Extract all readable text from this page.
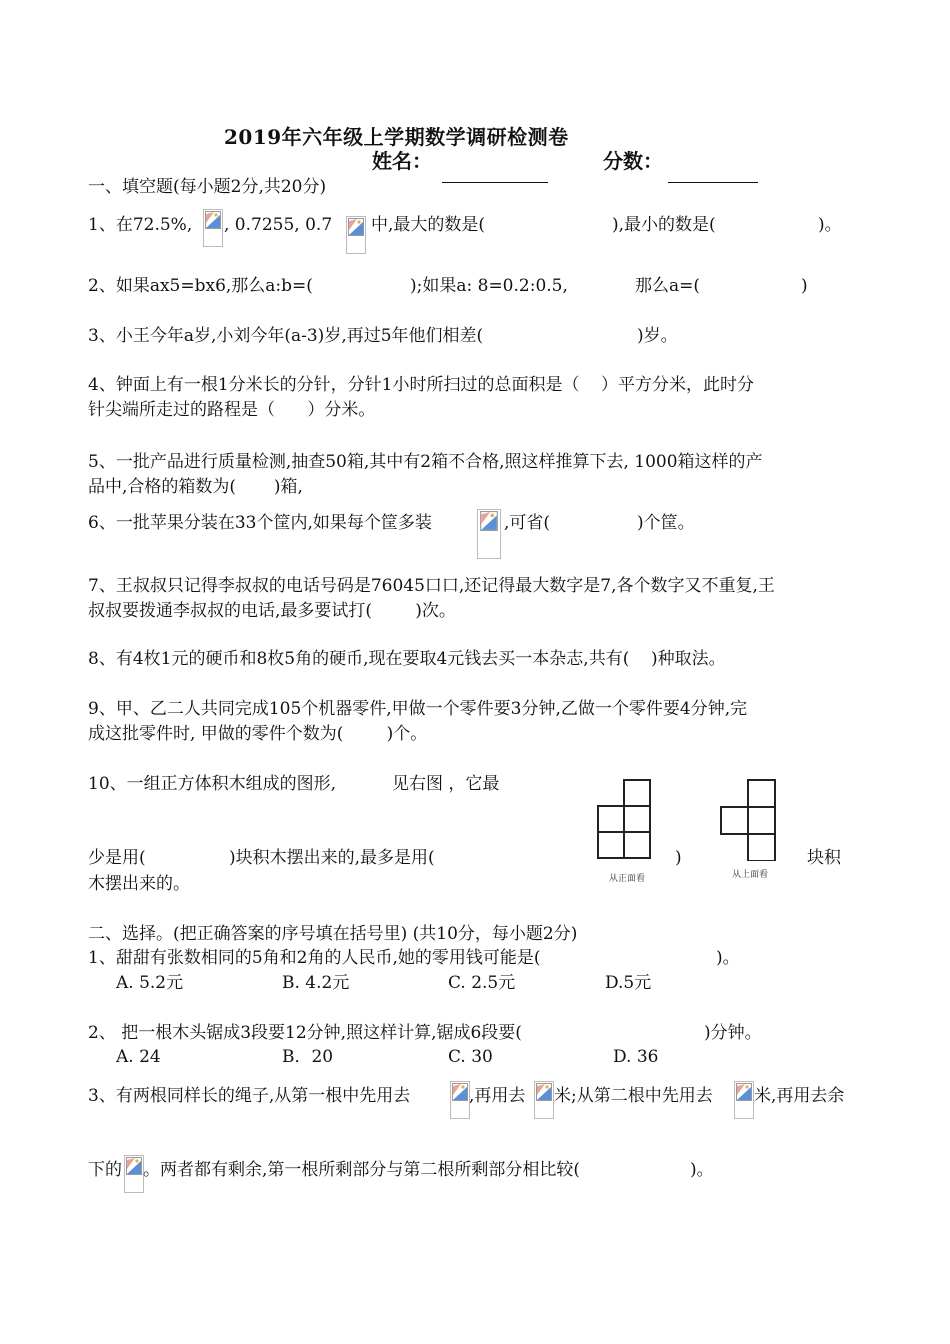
2019年六年级上学期数学调研检测卷
姓名：	分数：
一、填空题(每小题2分,共20分)
1、在72.5%, , 0.7255, 0.7 中,最大的数是(	),最小的数是(	)。
2、如果ax5=bx6,那么a:b=(	);如果a: 8=0.2:0.5,	那么a=(	)
3、小王今年a岁,小刘今年(a-3)岁,再过5年他们相差(	)岁。
4、钟面上有一根1分米长的分针，分针1小时所扫过的总面积是（    ）平方分米，此时分
针尖端所走过的路程是（      ）分米。
5、一批产品进行质量检测,抽查50箱,其中有2箱不合格,照这样推算下去, 1000箱这样的产
品中,合格的箱数为(       )箱,
6、一批苹果分装在33个筐内,如果每个筐多装	,可省(	)个筐。
7、王叔叔只记得李叔叔的电话号码是76045口口,还记得最大数字是7,各个数字又不重复,王
叔叔要拨通李叔叔的电话,最多要试打(        )次。
8、有4枚1元的硬币和8枚5角的硬币,现在要取4元钱去买一本杂志,共有(    )种取法。
9、甲、乙二人共同完成105个机器零件,甲做一个零件要3分钟,乙做一个零件要4分钟,完
成这批零件时, 甲做的零件个数为(        )个。
10、一组正方体积木组成的图形,	见右图 ，它最
从正面看	从上面看
少是用(	)块积木摆出来的,最多是用(	)	块积
木摆出来的。
二、选择。(把正确答案的序号填在括号里) (共10分，每小题2分)
1、甜甜有张数相同的5角和2角的人民币,她的零用钱可能是(	)。
A. 5.2元	B. 4.2元	C. 2.5元	D.5元
2、 把一根木头锯成3段要12分钟,照这样计算,锯成6段要(	)分钟。
A. 24	B．20	C. 30	D. 36
3、有两根同样长的绳子,从第一根中先用去	,再用去 米;从第二根中先用去 米,再用去余
下的 。两者都有剩余,第一根所剩部分与第二根所剩部分相比较(	)。
